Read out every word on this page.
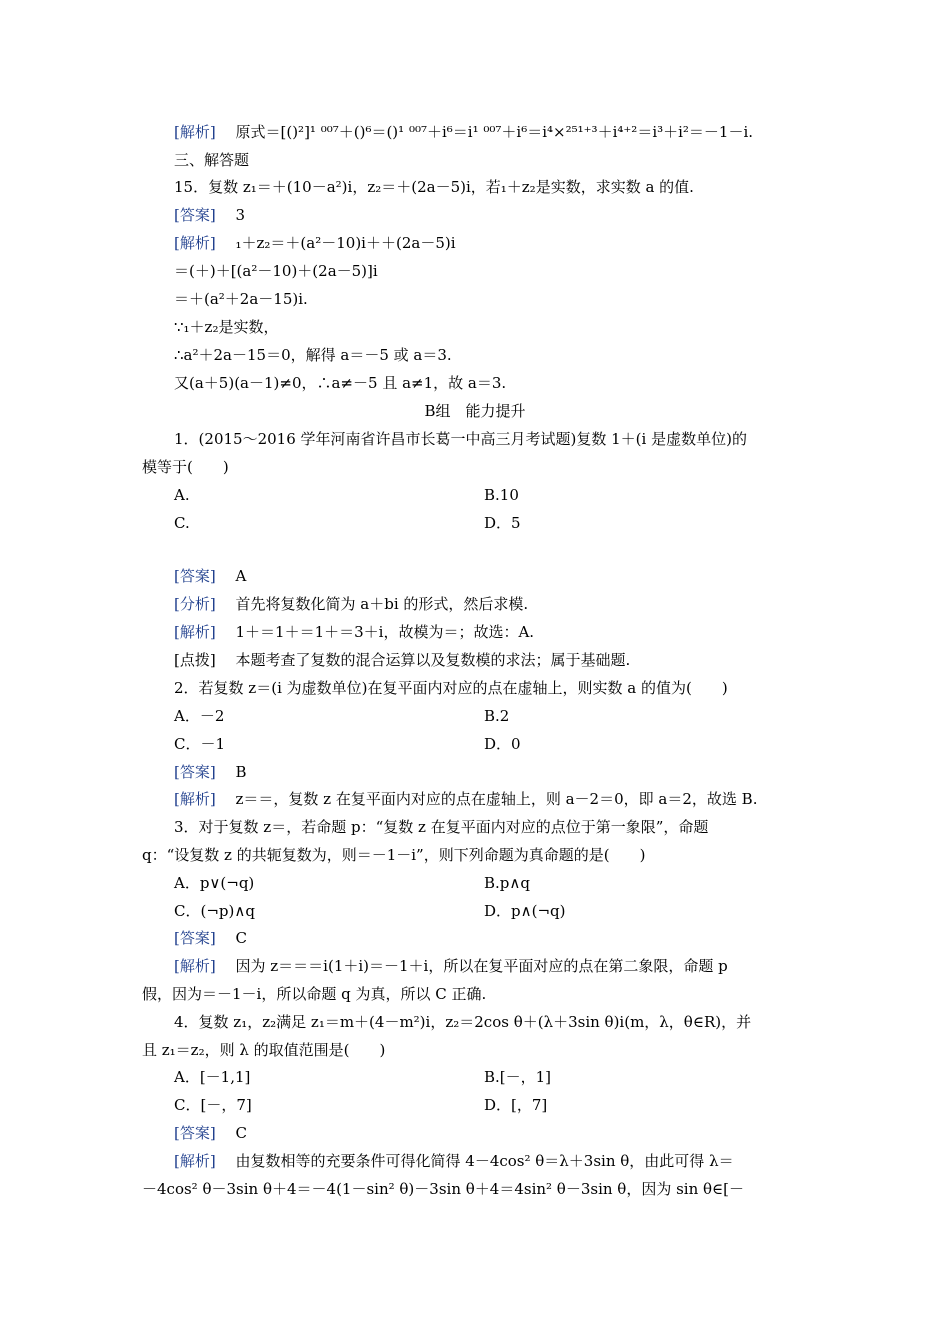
[解析]　 原式＝[()²]¹ ⁰⁰⁷＋()⁶＝()¹ ⁰⁰⁷＋i⁶＝i¹ ⁰⁰⁷＋i⁶＝i⁴×²⁵¹⁺³＋i⁴⁺²＝i³＋i²＝－1－i.
三、解答题
15．复数 z₁＝＋(10－a²)i，z₂＝＋(2a－5)i，若₁＋z₂是实数，求实数 a 的值.
[答案]　 3
[解析]　 ₁＋z₂＝＋(a²－10)i＋＋(2a－5)i
＝(＋)＋[(a²－10)＋(2a－5)]i
＝＋(a²＋2a－15)i.
∵₁＋z₂是实数，
∴a²＋2a－15＝0，解得 a＝－5 或 a＝3.
又(a＋5)(a－1)≠0，∴a≠－5 且 a≠1，故 a＝3.
B组　能力提升
1．(2015～2016 学年河南省许昌市长葛一中高三月考试题)复数 1＋(i 是虚数单位)的
模等于(　　)
A.	B.10
C.	D．5
[答案]　 A
[分析]　 首先将复数化简为 a＋bi 的形式，然后求模.
[解析]　 1＋＝1＋＝1＋＝3＋i，故模为＝；故选：A.
[点拨]　 本题考查了复数的混合运算以及复数模的求法；属于基础题.
2．若复数 z＝(i 为虚数单位)在复平面内对应的点在虚轴上，则实数 a 的值为(　　)
A．－2	B.2
C．－1	D．0
[答案]　 B
[解析]　 z＝＝，复数 z 在复平面内对应的点在虚轴上，则 a－2＝0，即 a＝2，故选 B.
3．对于复数 z＝，若命题 p：“复数 z 在复平面内对应的点位于第一象限”，命题
q：“设复数 z 的共轭复数为，则＝－1－i”，则下列命题为真命题的是(　　)
A．p∨(¬q)	B.p∧q
C．(¬p)∧q	D．p∧(¬q)
[答案]　 C
[解析]　 因为 z＝＝＝i(1＋i)＝－1＋i，所以在复平面对应的点在第二象限，命题 p
假，因为＝－1－i，所以命题 q 为真，所以 C 正确.
4．复数 z₁，z₂满足 z₁＝m＋(4－m²)i，z₂＝2cos θ＋(λ＋3sin θ)i(m，λ，θ∈R)，并
且 z₁＝z₂，则 λ 的取值范围是(　　)
A．[－1,1]	B.[－，1]
C．[－，7]	D．[，7]
[答案]　 C
[解析]　 由复数相等的充要条件可得化简得 4－4cos² θ＝λ＋3sin θ，由此可得 λ＝
－4cos² θ－3sin θ＋4＝－4(1－sin² θ)－3sin θ＋4＝4sin² θ－3sin θ，因为 sin θ∈[－
